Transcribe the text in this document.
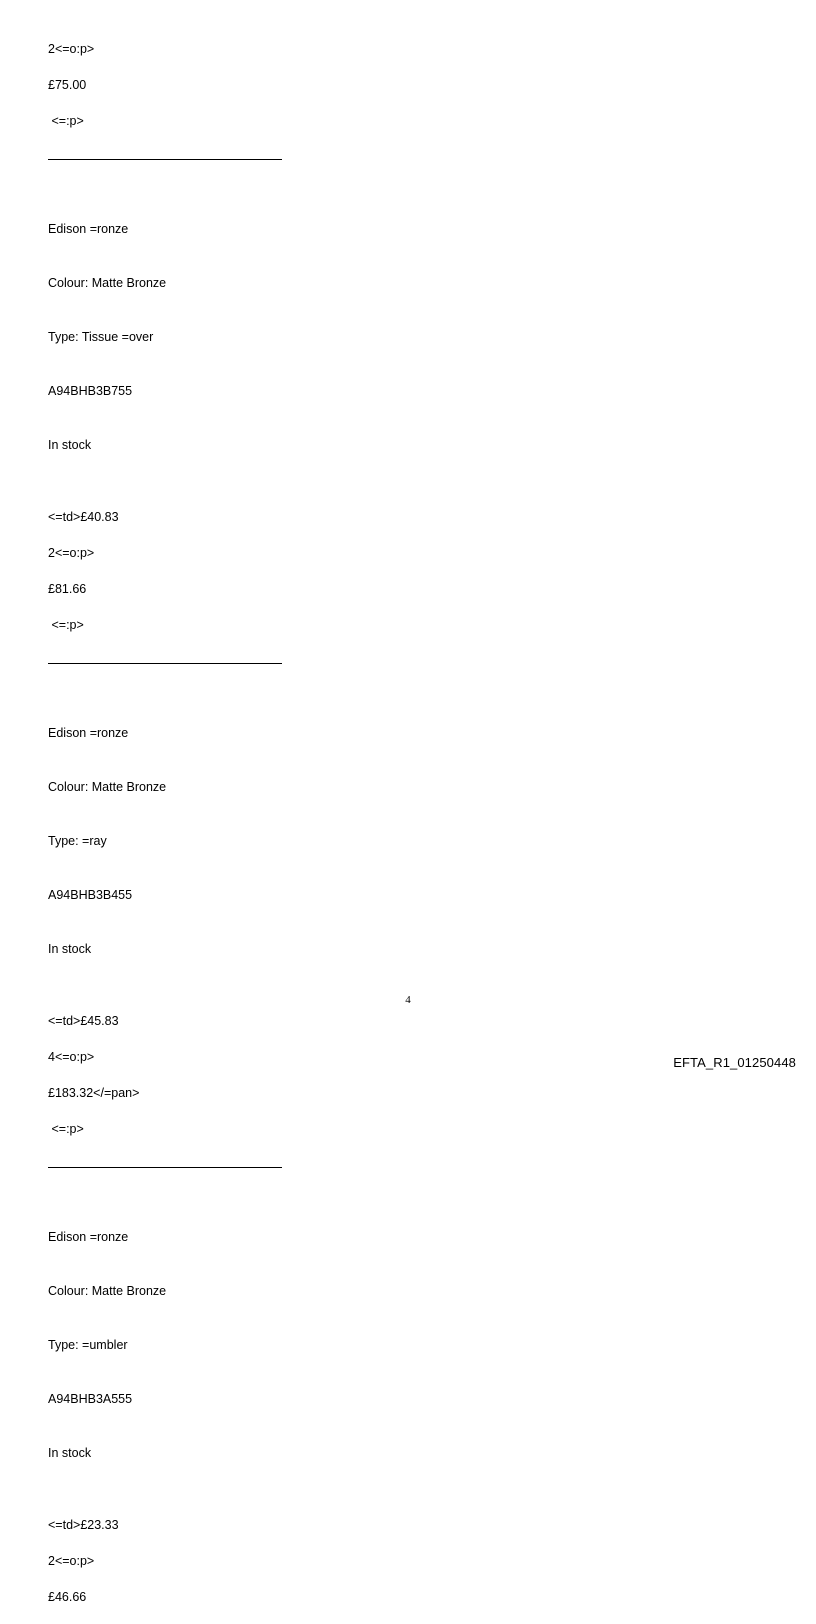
2<=o:p>

£75.00

<=:p>

Edison =ronze

Colour: Matte Bronze

Type: Tissue =over

A94BHB3B755

In stock

<=td>£40.83

2<=o:p>

£81.66

<=:p>

Edison =ronze

Colour: Matte Bronze

Type: =ray

A94BHB3B455

In stock

<=td>£45.83

4<=o:p>

£183.32</=pan>

<=:p>

Edison =ronze

Colour: Matte Bronze

Type: =umbler

A94BHB3A555

In stock

<=td>£23.33

2<=o:p>

£46.66

4
EFTA_R1_01250448
